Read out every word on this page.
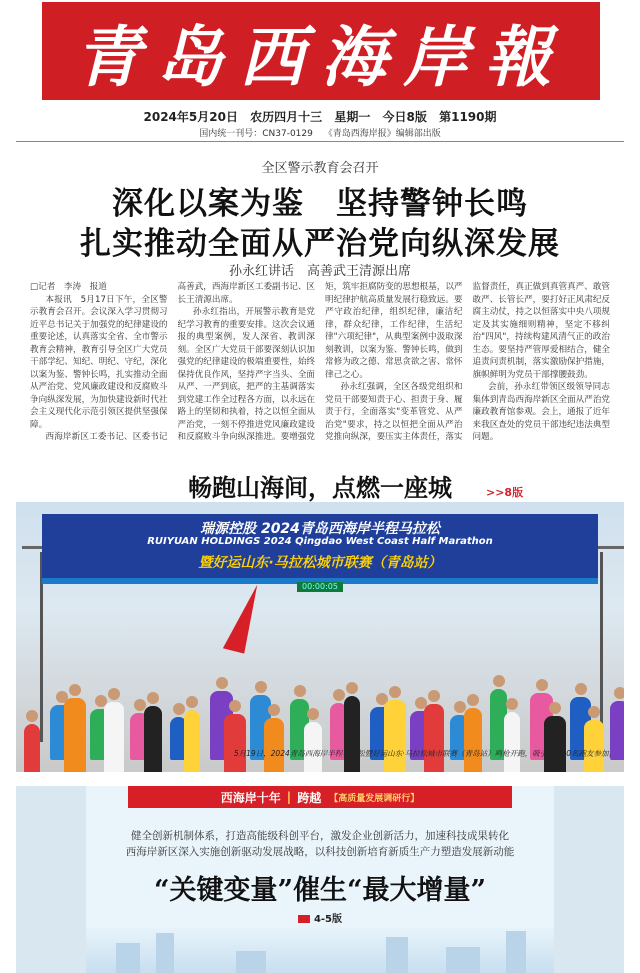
青岛西海岸報
2024年5月20日 农历四月十三 星期一 今日8版 第1190期
国内统一刊号：CN37-0129 《青岛西海岸报》编辑部出版
全区警示教育会召开
深化以案为鉴　坚持警钟长鸣
扎实推动全面从严治党向纵深发展
孙永红讲话　高善武王清源出席

□记者　李涛　报道

本报讯　5月17日下午，全区警示教育会召开。会议深入学习贯彻习近平总书记关于加强党的纪律建设的重要论述，认真落实全省、全市警示教育会精神，教育引导全区广大党员干部学纪、知纪、明纪、守纪，深化以案为鉴、警钟长鸣，扎实推动全面从严治党、党风廉政建设和反腐败斗争向纵深发展，为加快建设新时代社会主义现代化示范引领区提供坚强保障。

西海岸新区工委书记、区委书记

高善武，西海岸新区工委副书记、区长王清源出席。

孙永红指出，开展警示教育是党纪学习教育的重要安排。这次会议通报的典型案例，发人深省、教训深刻。全区广大党员干部要深刻认识加强党的纪律建设的极端重要性，始终保持优良作风，坚持严字当头、全面从严、一严到底，把严的主基调落实到党建工作全过程各方面，以永远在路上的坚韧和执着，持之以恒全面从严治党，一刻不停推进党风廉政建设和反腐败斗争向纵深推进。要增强党

矩，筑牢拒腐防变的思想根基，以严明纪律护航高质量发展行稳致远。要严守政治纪律，组织纪律，廉洁纪律，群众纪律，工作纪律，生活纪律"六项纪律"，从典型案例中汲取深刻教训，以案为鉴、警钟长鸣，做到常修为政之德、常思贪欲之害、常怀律己之心。

孙永红强调，全区各级党组织和党员干部要知责于心、担责于身、履责于行，全面落实"变革管党、从严治党"要求，持之以恒把全面从严治党推向纵深，要压实主体责任，落实

监督责任，真正做到真管真严、敢管敢严、长管长严，要打好正风肃纪反腐主动仗，持之以恒落实中央八项规定及其实施细则精神，坚定不移纠治"四风"，持续构建风清气正的政治生态。要坚持严管厚爱相结合，健全追责问责机制，落实激励保护措施，旗帜鲜明为党员干部撑腰鼓劲。

会前，孙永红带领区级领导同志集体到青岛西海岸新区全面从严治党廉政教育馆参观。会上，通报了近年来我区查处的党员干部违纪违法典型问题。

瑞源控股 2024青岛西海岸半程马拉松
RUIYUAN HOLDINGS 2024 Qingdao West Coast Half Marathon
暨好运山东·马拉松城市联赛（青岛站）
00:00:05
畅跑山海间，点燃一座城	>>8版
5月19日，2024青岛西海岸半程马拉松暨好运山东·马拉松城市联赛（青岛站）鸣枪开跑，吸引15000名跑友参加。
西海岸十年 | 跨越 【高质量发展调研行】
健全创新机制体系，打造高能级科创平台，激发企业创新活力，加速科技成果转化
西海岸新区深入实施创新驱动发展战略，以科技创新培育新质生产力塑造发展新动能
“关键变量”催生“最大增量”
4-5版
